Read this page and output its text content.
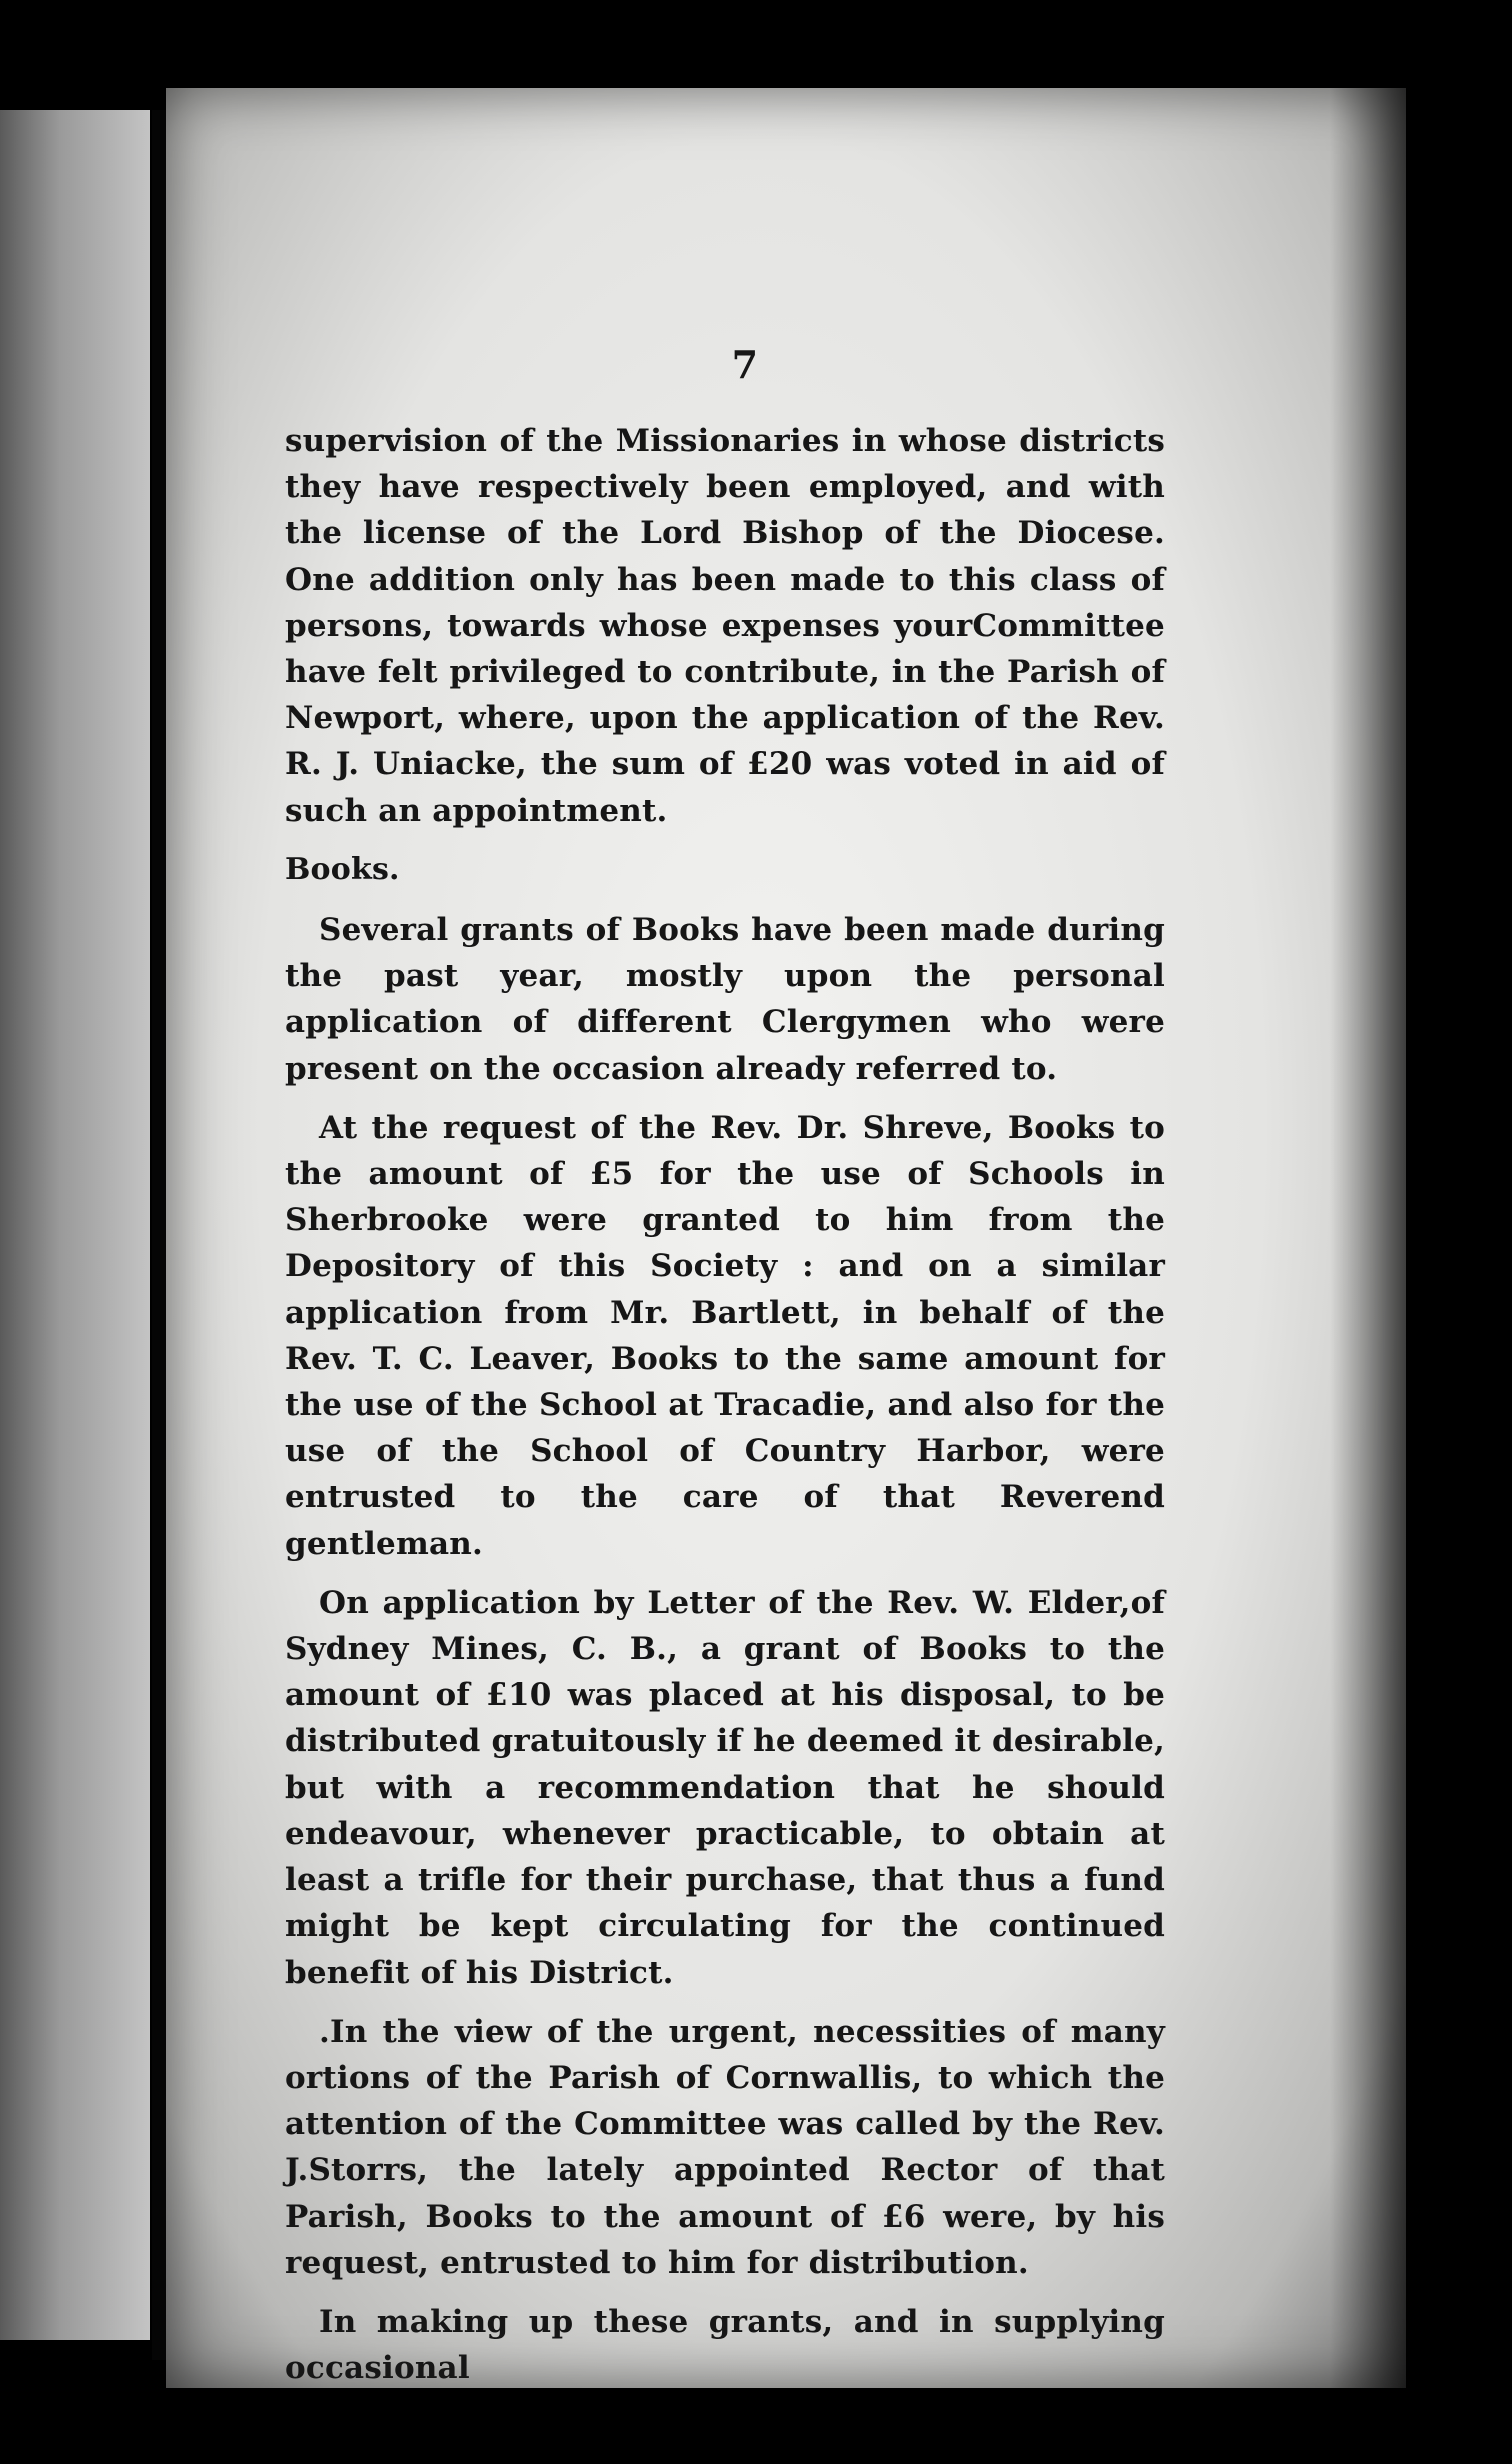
7

supervision of the Missionaries in whose districts they have respectively been employed, and with the license of the Lord Bishop of the Diocese. One addition only has been made to this class of persons, towards whose expenses yourCommittee have felt privileged to contribute, in the Parish of Newport, where, upon the application of the Rev. R. J. Uniacke, the sum of £20 was voted in aid of such an appointment.

Books.

Several grants of Books have been made during the past year, mostly upon the personal application of different Clergymen who were present on the occasion already referred to.

At the request of the Rev. Dr. Shreve, Books to the amount of £5 for the use of Schools in Sherbrooke were granted to him from the Depository of this Society : and on a similar application from Mr. Bartlett, in behalf of the Rev. T. C. Leaver, Books to the same amount for the use of the School at Tracadie, and also for the use of the School of Country Harbor, were entrusted to the care of that Reverend gentleman.

On application by Letter of the Rev. W. Elder,of Sydney Mines, C. B., a grant of Books to the amount of £10 was placed at his disposal, to be distributed gratuitously if he deemed it desirable, but with a recommendation that he should endeavour, whenever practicable, to obtain at least a trifle for their purchase, that thus a fund might be kept circulating for the continued benefit of his District.

.In the view of the urgent, necessities of many ortions of the Parish of Cornwallis, to which the attention of the Committee was called by the Rev. J.Storrs, the lately appointed Rector of that Parish, Books to the amount of £6 were, by his request, entrusted to him for distribution.

In making up these grants, and in supplying occasional
